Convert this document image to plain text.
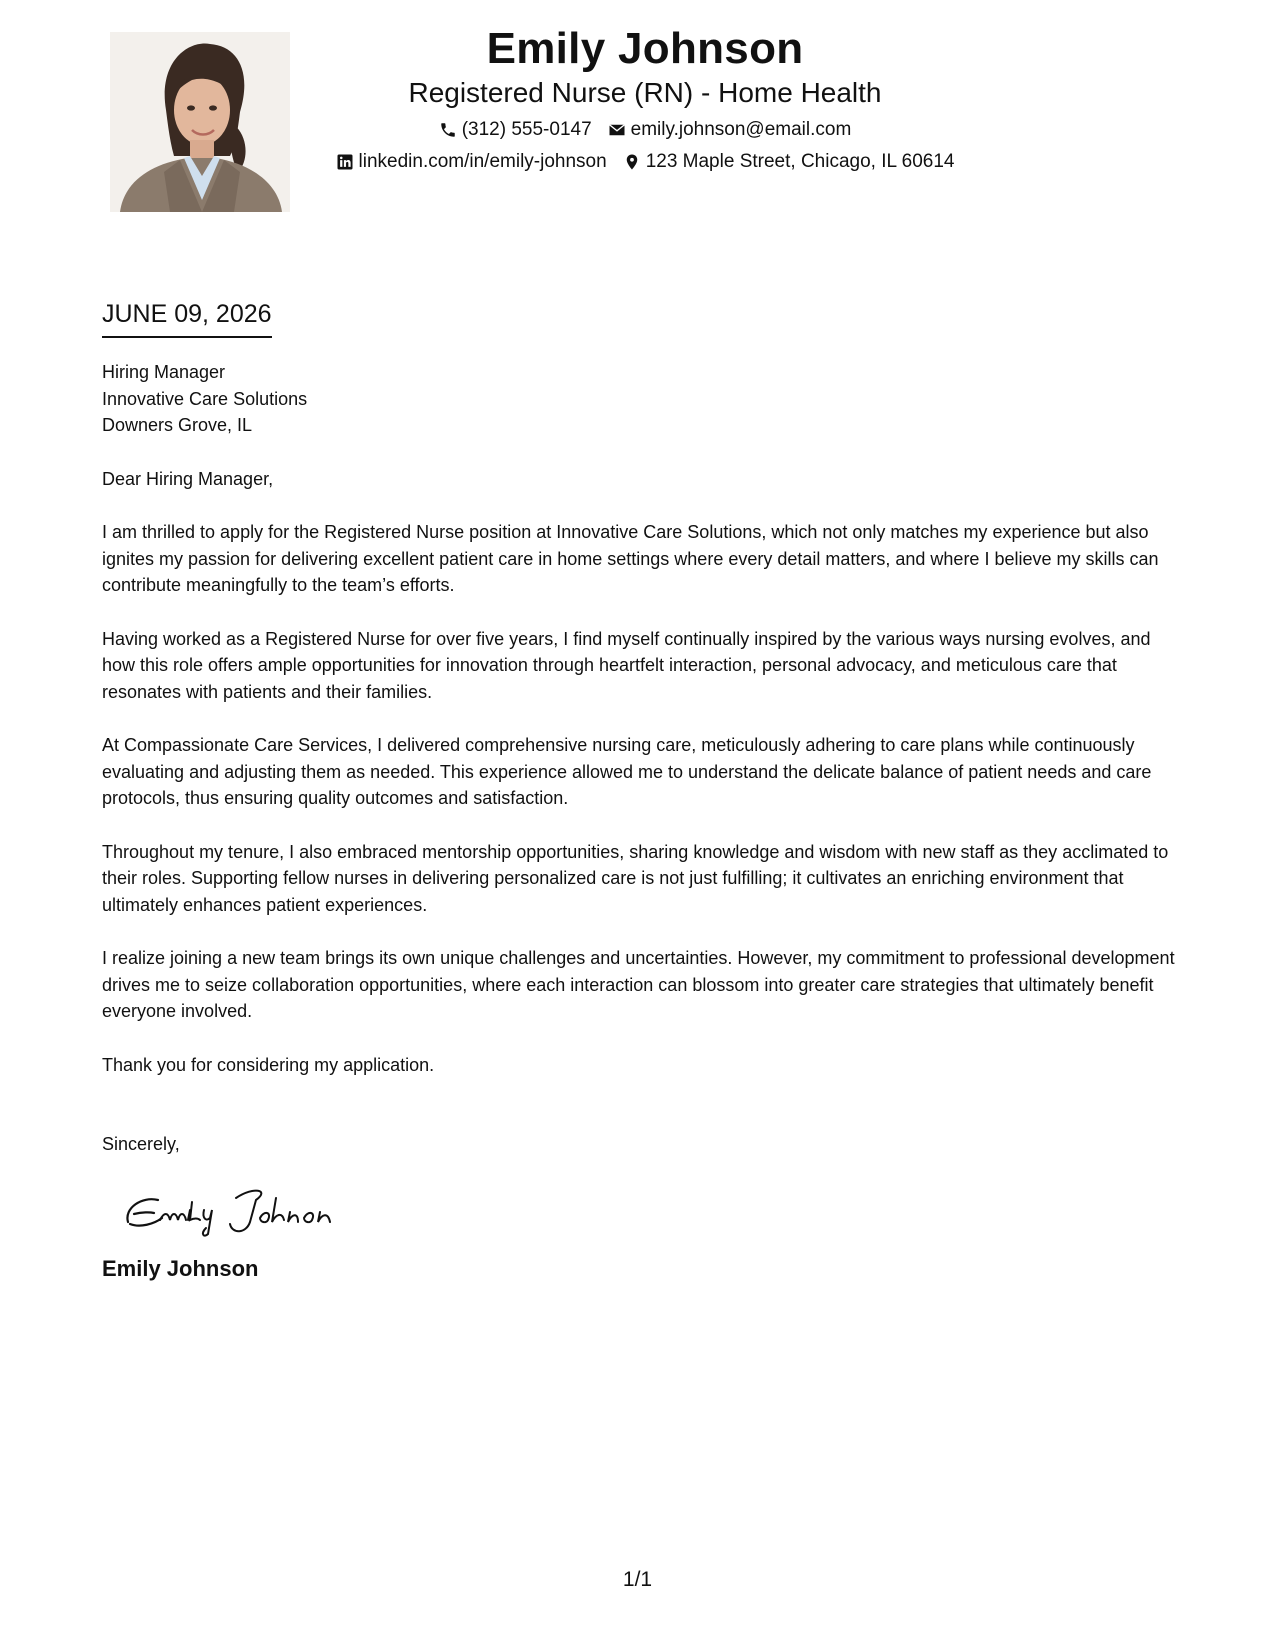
Emily Johnson
Registered Nurse (RN) - Home Health
(312) 555-0147 emily.johnson@email.com
linkedin.com/in/emily-johnson 123 Maple Street, Chicago, IL 60614
JUNE 09, 2026
Hiring Manager
Innovative Care Solutions
Downers Grove, IL
Dear Hiring Manager,
I am thrilled to apply for the Registered Nurse position at Innovative Care Solutions, which not only matches my experience but also ignites my passion for delivering excellent patient care in home settings where every detail matters, and where I believe my skills can contribute meaningfully to the team’s efforts.
Having worked as a Registered Nurse for over five years, I find myself continually inspired by the various ways nursing evolves, and how this role offers ample opportunities for innovation through heartfelt interaction, personal advocacy, and meticulous care that resonates with patients and their families.
At Compassionate Care Services, I delivered comprehensive nursing care, meticulously adhering to care plans while continuously evaluating and adjusting them as needed. This experience allowed me to understand the delicate balance of patient needs and care protocols, thus ensuring quality outcomes and satisfaction.
Throughout my tenure, I also embraced mentorship opportunities, sharing knowledge and wisdom with new staff as they acclimated to their roles. Supporting fellow nurses in delivering personalized care is not just fulfilling; it cultivates an enriching environment that ultimately enhances patient experiences.
I realize joining a new team brings its own unique challenges and uncertainties. However, my commitment to professional development drives me to seize collaboration opportunities, where each interaction can blossom into greater care strategies that ultimately benefit everyone involved.
Thank you for considering my application.
Sincerely,
Emily Johnson
1/1
